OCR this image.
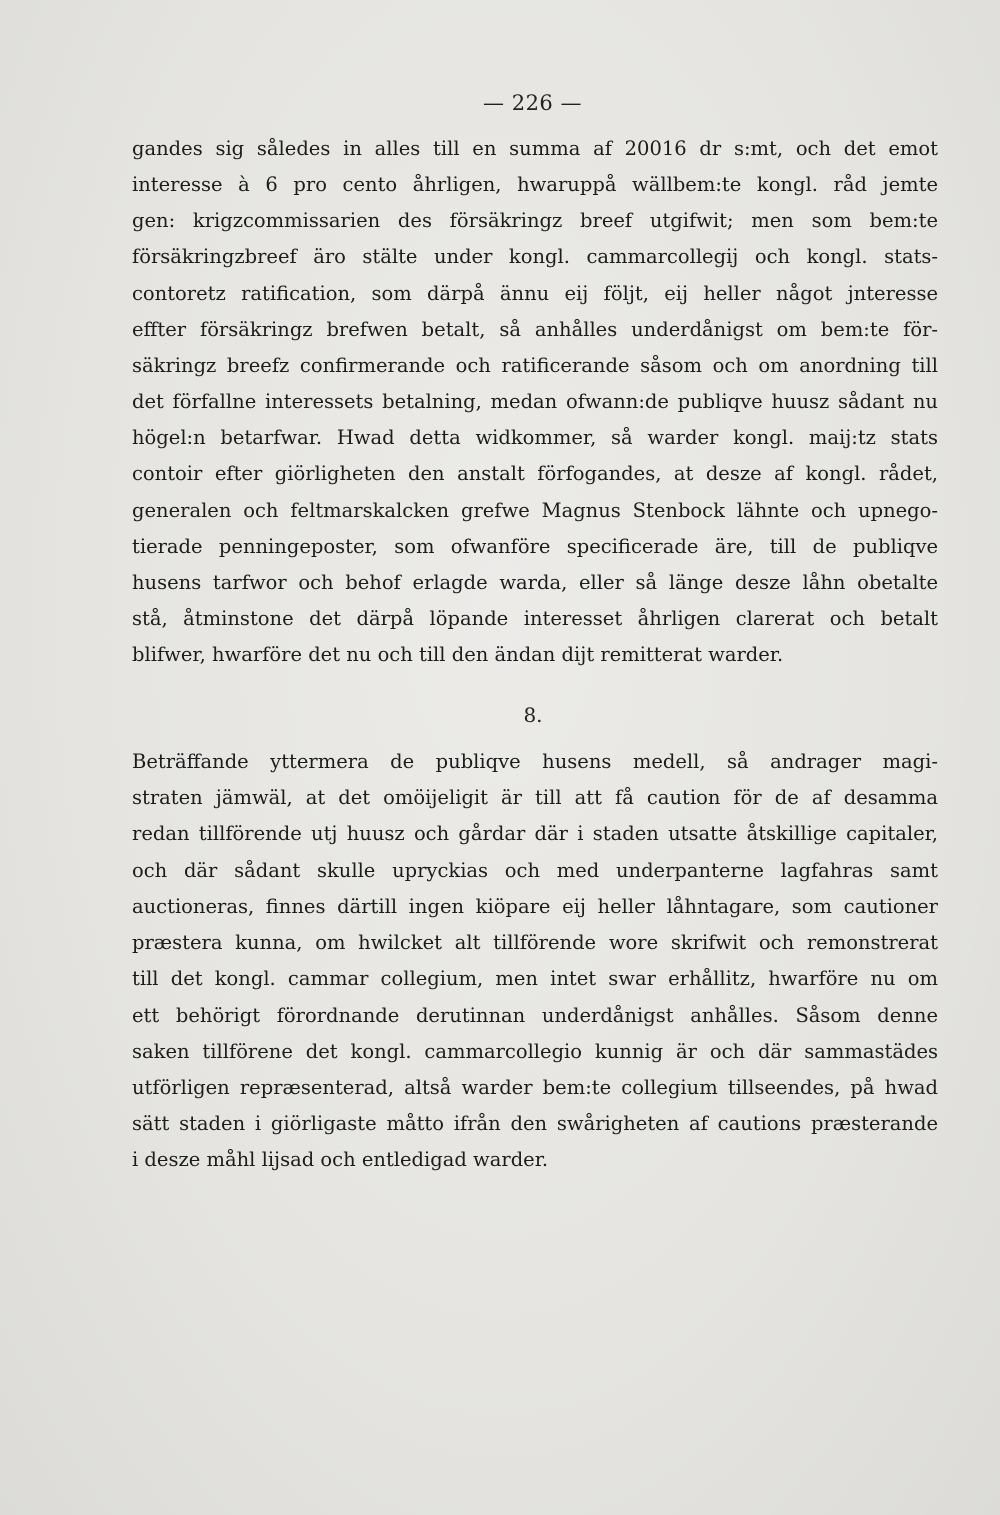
— 226 —
gandes sig således in alles till en summa af 20016 dr s:mt, och det emot
interesse à 6 pro cento åhrligen, hwaruppå wällbem:te kongl. råd jemte
gen: krigzcommissarien des försäkringz breef utgifwit; men som bem:te
försäkringzbreef äro stälte under kongl. cammarcollegij och kongl. stats-
contoretz ratification, som därpå ännu eij följt, eij heller något jnteresse
effter försäkringz brefwen betalt, så anhålles underdånigst om bem:te för-
säkringz breefz confirmerande och ratificerande såsom och om anordning till
det förfallne interessets betalning, medan ofwann:de publiqve huusz sådant nu
högel:n betarfwar. Hwad detta widkommer, så warder kongl. maij:tz stats
contoir efter giörligheten den anstalt förfogandes, at desze af kongl. rådet,
generalen och feltmarskalcken grefwe Magnus Stenbock lähnte och upnego-
tierade penningeposter, som ofwanföre specificerade äre, till de publiqve
husens tarfwor och behof erlagde warda, eller så länge desze låhn obetalte
stå, åtminstone det därpå löpande interesset åhrligen clarerat och betalt
blifwer, hwarföre det nu och till den ändan dijt remitterat warder.
8.
Beträffande yttermera de publiqve husens medell, så andrager magi-
straten jämwäl, at det omöijeligit är till att få caution för de af desamma
redan tillförende utj huusz och gårdar där i staden utsatte åtskillige capitaler,
och där sådant skulle upryckias och med underpanterne lagfahras samt
auctioneras, finnes därtill ingen kiöpare eij heller låhntagare, som cautioner
præstera kunna, om hwilcket alt tillförende wore skrifwit och remonstrerat
till det kongl. cammar collegium, men intet swar erhållitz, hwarföre nu om
ett behörigt förordnande derutinnan underdånigst anhålles. Såsom denne
saken tillförene det kongl. cammarcollegio kunnig är och där sammastädes
utförligen repræsenterad, altså warder bem:te collegium tillseendes, på hwad
sätt staden i giörligaste måtto ifrån den swårigheten af cautions præsterande
i desze måhl lijsad och entledigad warder.
